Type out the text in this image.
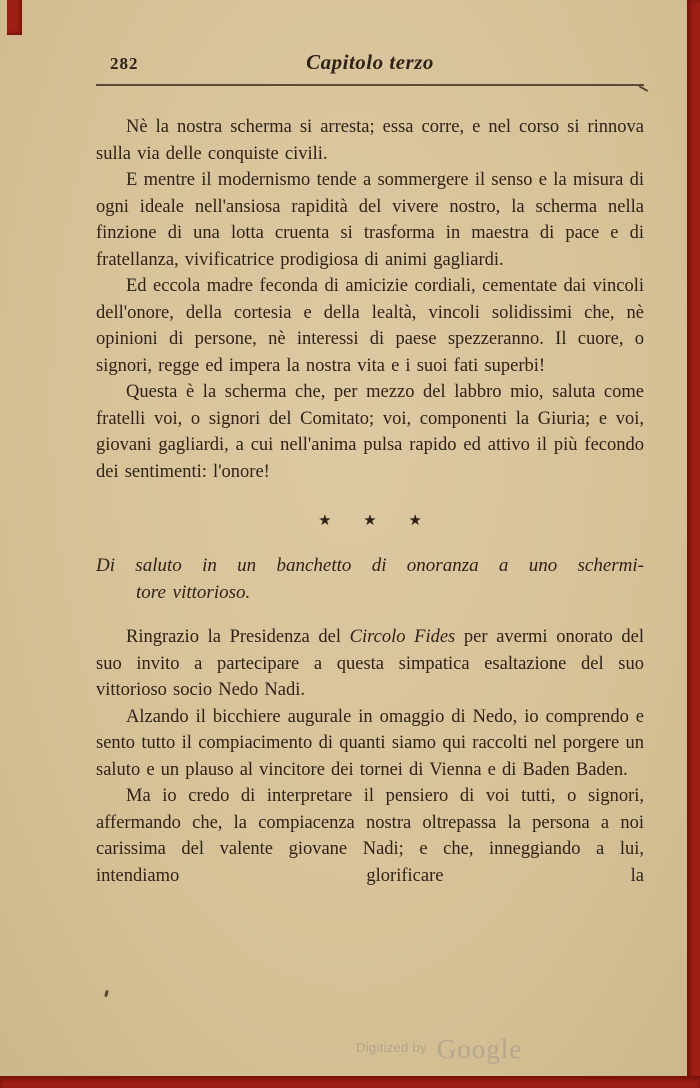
282	Capitolo terzo

Nè la nostra scherma si arresta; essa corre, e nel corso si rinnova sulla via delle conquiste civili.

E mentre il modernismo tende a sommergere il senso e la misura di ogni ideale nell'ansiosa rapidità del vivere nostro, la scherma nella finzione di una lotta cruenta si trasforma in maestra di pace e di fratellanza, vivificatrice prodigiosa di animi gagliardi.

Ed eccola madre feconda di amicizie cordiali, cementate dai vincoli dell'onore, della cortesia e della lealtà, vincoli solidissimi che, nè opinioni di persone, nè interessi di paese spezzeranno. Il cuore, o signori, regge ed impera la nostra vita e i suoi fati superbi!

Questa è la scherma che, per mezzo del labbro mio, saluta come fratelli voi, o signori del Comitato; voi, componenti la Giuria; e voi, giovani gagliardi, a cui nell'anima pulsa rapido ed attivo il più fecondo dei sentimenti: l'onore!

★ ★ ★
Di saluto in un banchetto di onoranza a uno schermi-
tore vittorioso.

Ringrazio la Presidenza del Circolo Fides per avermi onorato del suo invito a partecipare a questa simpatica esaltazione del suo vittorioso socio Nedo Nadi.

Alzando il bicchiere augurale in omaggio di Nedo, io comprendo e sento tutto il compiacimento di quanti siamo qui raccolti nel porgere un saluto e un plauso al vincitore dei tornei di Vienna e di Baden Baden.

Ma io credo di interpretare il pensiero di voi tutti, o signori, affermando che, la compiacenza nostra oltrepassa la persona a noi carissima del valente giovane Nadi; e che, inneggiando a lui, intendiamo glorificare la

$^{Digitized by}$ Google
